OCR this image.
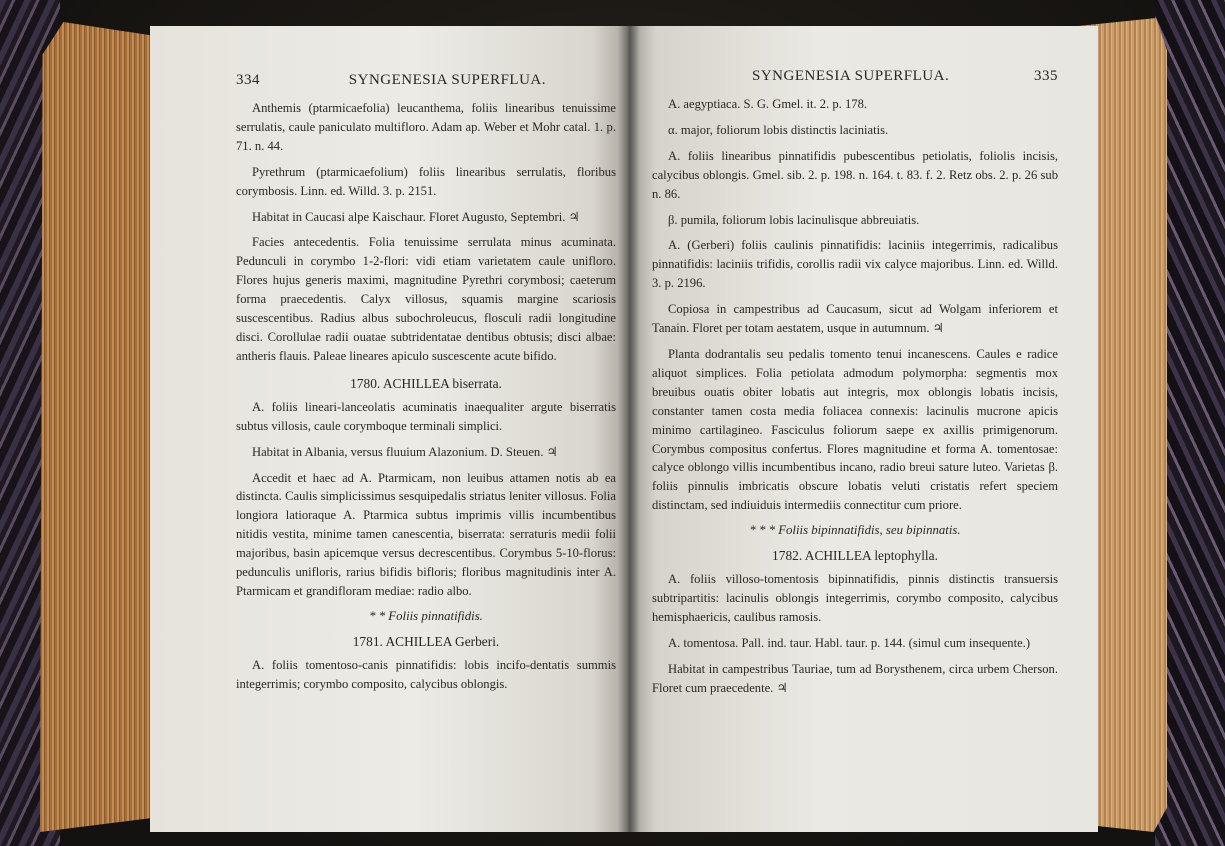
334	SYNGENESIA SUPERFLUA.

Anthemis (ptarmicaefolia) leucanthema, foliis linearibus tenuissime serrulatis, caule paniculato multifloro. Adam ap. Weber et Mohr catal. 1. p. 71. n. 44.

Pyrethrum (ptarmicaefolium) foliis linearibus serrulatis, floribus corymbosis. Linn. ed. Willd. 3. p. 2151.

Habitat in Caucasi alpe Kaischaur. Floret Augusto, Septembri. ♃

Facies antecedentis. Folia tenuissime serrulata minus acuminata. Pedunculi in corymbo 1-2-flori: vidi etiam varietatem caule unifloro. Flores hujus generis maximi, magnitudine Pyrethri corymbosi; caeterum forma praecedentis. Calyx villosus, squamis margine scariosis suscescentibus. Radius albus subochroleucus, flosculi radii longitudine disci. Corollulae radii ouatae subtridentatae dentibus obtusis; disci albae: antheris flauis. Paleae lineares apiculo suscescente acute bifido.

1780. ACHILLEA biserrata.

A. foliis lineari-lanceolatis acuminatis inaequaliter argute biserratis subtus villosis, caule corymboque terminali simplici.

Habitat in Albania, versus fluuium Alazonium. D. Steuen. ♃

Accedit et haec ad A. Ptarmicam, non leuibus attamen notis ab ea distincta. Caulis simplicissimus sesquipedalis striatus leniter villosus. Folia longiora latioraque A. Ptarmica subtus imprimis villis incumbentibus nitidis vestita, minime tamen canescentia, biserrata: serraturis medii folii majoribus, basin apicemque versus decrescentibus. Corymbus 5-10-florus: pedunculis unifloris, rarius bifidis bifloris; floribus magnitudinis inter A. Ptarmicam et grandifloram mediae: radio albo.

* * Foliis pinnatifidis.
1781. ACHILLEA Gerberi.

A. foliis tomentoso-canis pinnatifidis: lobis incifo-dentatis summis integerrimis; corymbo composito, calycibus oblongis.

SYNGENESIA SUPERFLUA.	335

A. aegyptiaca. S. G. Gmel. it. 2. p. 178.

α. major, foliorum lobis distinctis laciniatis.

A. foliis linearibus pinnatifidis pubescentibus petiolatis, foliolis incisis, calycibus oblongis. Gmel. sib. 2. p. 198. n. 164. t. 83. f. 2. Retz obs. 2. p. 26 sub n. 86.

β. pumila, foliorum lobis lacinulisque abbreuiatis.

A. (Gerberi) foliis caulinis pinnatifidis: laciniis integerrimis, radicalibus pinnatifidis: laciniis trifidis, corollis radii vix calyce majoribus. Linn. ed. Willd. 3. p. 2196.

Copiosa in campestribus ad Caucasum, sicut ad Wolgam inferiorem et Tanain. Floret per totam aestatem, usque in autumnum. ♃

Planta dodrantalis seu pedalis tomento tenui incanescens. Caules e radice aliquot simplices. Folia petiolata admodum polymorpha: segmentis mox breuibus ouatis obiter lobatis aut integris, mox oblongis lobatis incisis, constanter tamen costa media foliacea connexis: lacinulis mucrone apicis minimo cartilagineo. Fasciculus foliorum saepe ex axillis primigenorum. Corymbus compositus confertus. Flores magnitudine et forma A. tomentosae: calyce oblongo villis incumbentibus incano, radio breui sature luteo. Varietas β. foliis pinnulis imbricatis obscure lobatis veluti cristatis refert speciem distinctam, sed indiuiduis intermediis connectitur cum priore.

* * * Foliis bipinnatifidis, seu bipinnatis.
1782. ACHILLEA leptophylla.

A. foliis villoso-tomentosis bipinnatifidis, pinnis distinctis transuersis subtripartitis: lacinulis oblongis integerrimis, corymbo composito, calycibus hemisphaericis, caulibus ramosis.

A. tomentosa. Pall. ind. taur. Habl. taur. p. 144. (simul cum insequente.)

Habitat in campestribus Tauriae, tum ad Borysthenem, circa urbem Cherson. Floret cum praecedente. ♃
